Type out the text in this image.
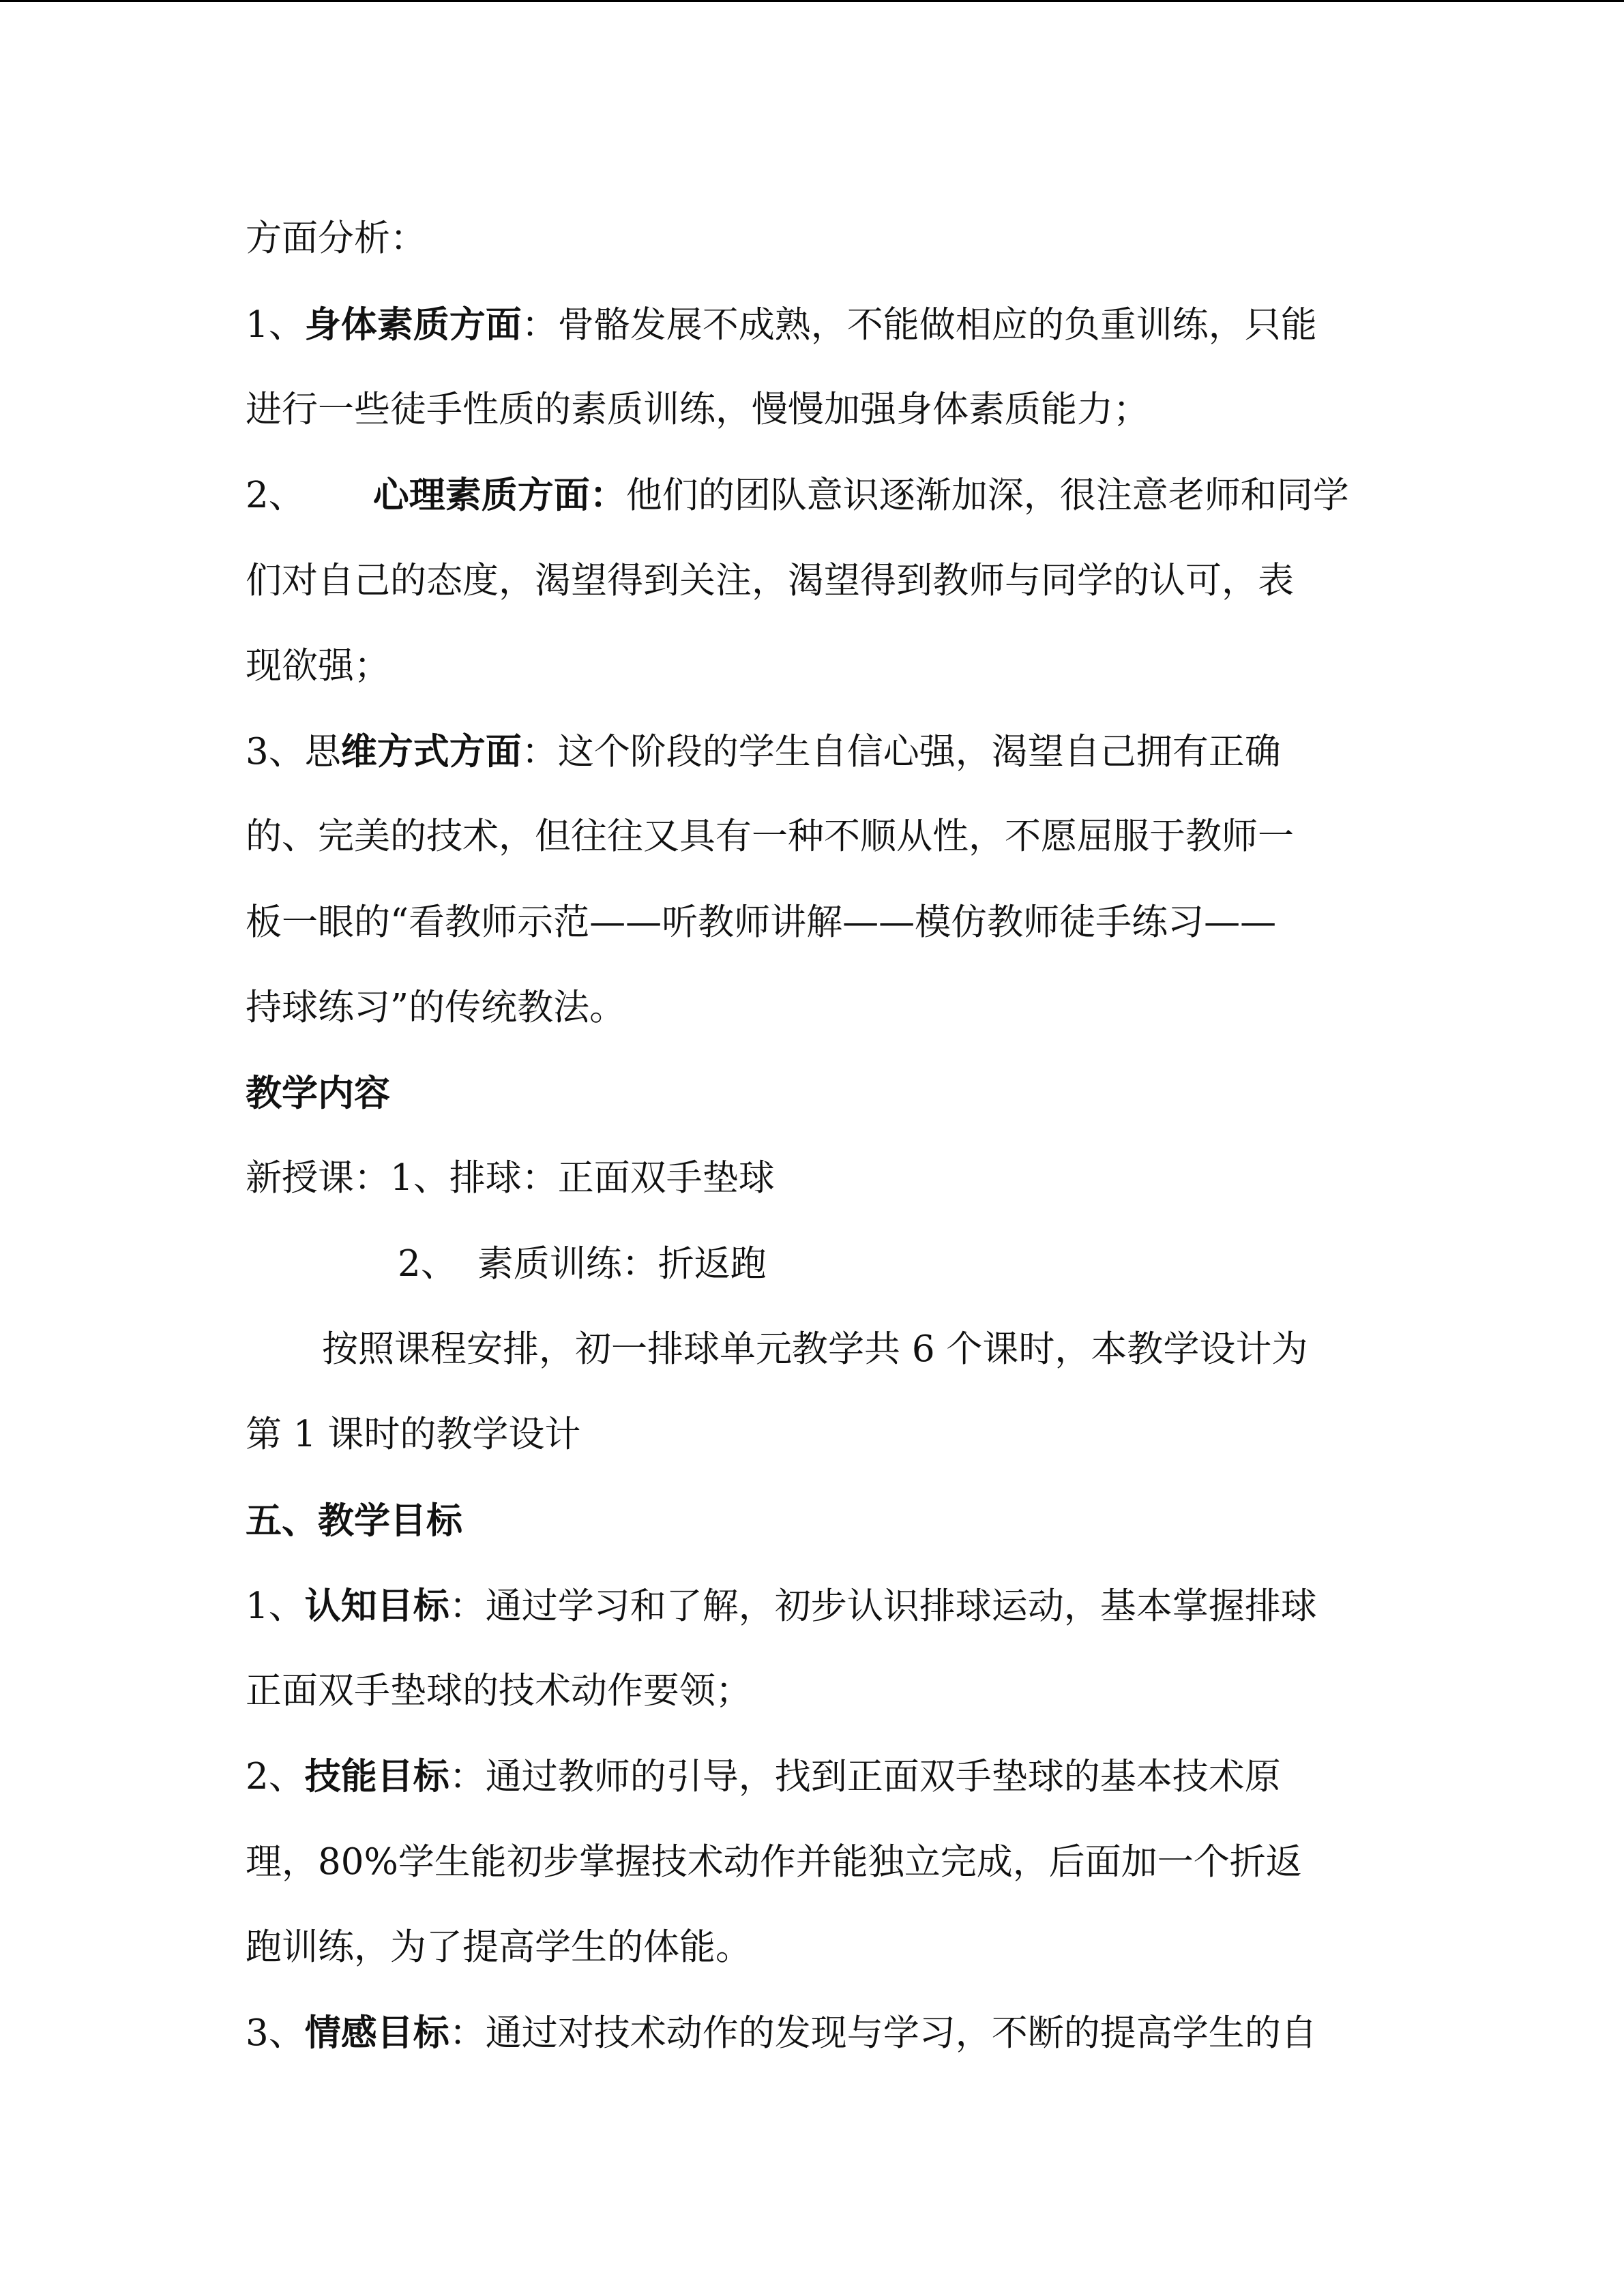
方面分析：
1、身体素质方面：骨骼发展不成熟，不能做相应的负重训练，只能
进行一些徒手性质的素质训练，慢慢加强身体素质能力；
2、 心理素质方面：他们的团队意识逐渐加深，很注意老师和同学
们对自己的态度，渴望得到关注，渴望得到教师与同学的认可，表
现欲强；
3、思维方式方面：这个阶段的学生自信心强，渴望自己拥有正确
的、完美的技术，但往往又具有一种不顺从性，不愿屈服于教师一
板一眼的“看教师示范——听教师讲解——模仿教师徒手练习——
持球练习”的传统教法。
教学内容
新授课：1、排球：正面双手垫球
2、 素质训练：折返跑
按照课程安排，初一排球单元教学共 6 个课时，本教学设计为
第 1 课时的教学设计
五、教学目标
1、认知目标：通过学习和了解，初步认识排球运动，基本掌握排球
正面双手垫球的技术动作要领；
2、技能目标：通过教师的引导，找到正面双手垫球的基本技术原
理，80%学生能初步掌握技术动作并能独立完成，后面加一个折返
跑训练，为了提高学生的体能。
3、情感目标：通过对技术动作的发现与学习，不断的提高学生的自
